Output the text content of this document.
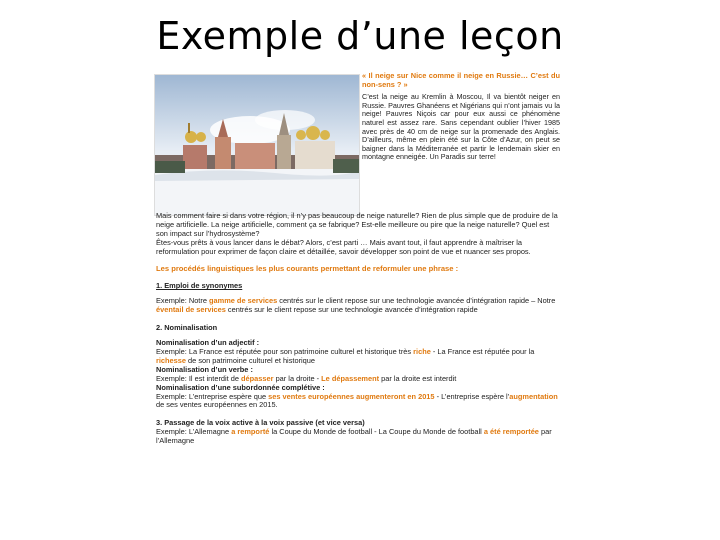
Exemple d’une leçon
« Il neige sur Nice comme il neige en Russie… C’est du non-sens ? »
C’est la neige au Kremlin à Moscou, Il va bientôt neiger en Russie. Pauvres Ghanéens et Nigérians qui n’ont jamais vu la neige! Pauvres Niçois car pour eux aussi ce phénomène naturel est assez rare. Sans cependant oublier l’hiver 1985 avec près de 40 cm de neige sur la promenade des Anglais. D’ailleurs, même en plein été sur la Côte d’Azur, on peut se baigner dans la Méditerranée et partir le lendemain skier en montagne enneigée. Un Paradis sur terre!

Mais comment faire si dans votre région, il n’y pas beaucoup de neige naturelle? Rien de plus simple que de produire de la neige artificielle. La neige artificielle, comment ça se fabrique? Est-elle meilleure ou pire que la neige naturelle? Quel est son impact sur l’hydrosystème?

Êtes-vous prêts à vous lancer dans le débat? Alors, c’est parti … Mais avant tout, il faut apprendre à maîtriser la reformulation pour exprimer de façon claire et détaillée, savoir développer son point de vue et nuancer ses propos.

Les procédés linguistiques les plus courants permettant de reformuler une phrase :

1. Emploi de synonymes

Exemple: Notre gamme de services centrés sur le client repose sur une technologie avancée d’intégration rapide – Notre éventail de services centrés sur le client repose sur une technologie avancée d’intégration rapide

2. Nominalisation

Nominalisation d’un adjectif :

Exemple: La France est réputée pour son patrimoine culturel et historique très riche - La France est réputée pour la richesse de son patrimoine culturel et historique

Nominalisation d’un verbe :

Exemple: Il est interdit de dépasser par la droite - Le dépassement par la droite est interdit

Nominalisation d’une subordonnée complétive :

Exemple: L’entreprise espère que ses ventes européennes augmenteront en 2015 - L’entreprise espère l’augmentation de ses ventes européennes en 2015.

3. Passage de la voix active à la voix passive (et vice versa)

Exemple: L’Allemagne a remporté la Coupe du Monde de football - La Coupe du Monde de football a été remportée par l’Allemagne
